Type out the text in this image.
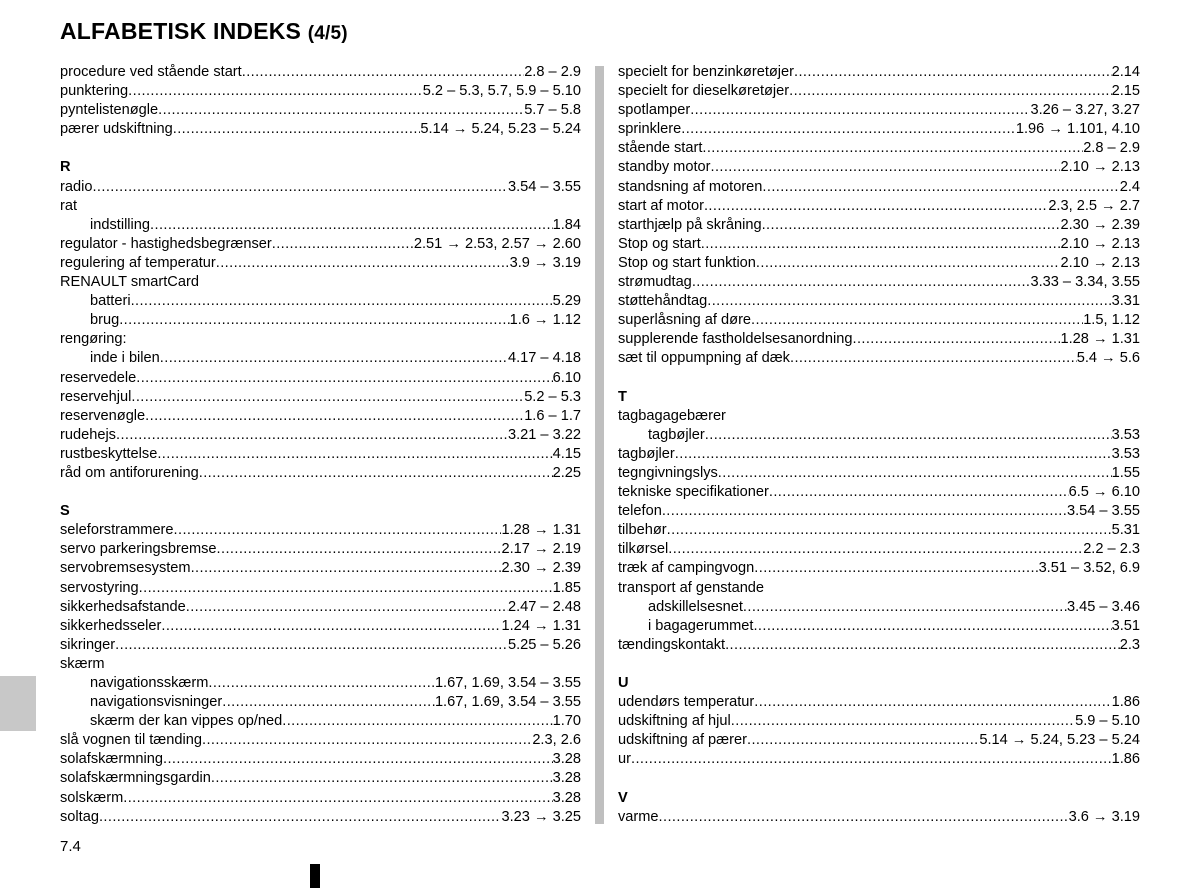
ALFABETISK INDEKS (4/5)
procedure ved stående start .....	2.8 – 2.9
punktering .....	5.2 – 5.3, 5.7, 5.9 – 5.10
pyntelistenøgle .....	5.7 – 5.8
pærer udskiftning .....	5.14 → 5.24, 5.23 – 5.24
R
radio .....	3.54 – 3.55
rat
indstilling .....	1.84
regulator - hastighedsbegrænser .....	2.51 → 2.53, 2.57 → 2.60
regulering af temperatur .....	3.9 → 3.19
RENAULT smartCard
batteri .....	5.29
brug .....	1.6 → 1.12
rengøring:
inde i bilen .....	4.17 – 4.18
reservedele .....	6.10
reservehjul .....	5.2 – 5.3
reservenøgle .....	1.6 – 1.7
rudehejs .....	3.21 – 3.22
rustbeskyttelse .....	4.15
råd om antiforurening .....	2.25
S
seleforstrammere .....	1.28 → 1.31
servo parkeringsbremse .....	2.17 → 2.19
servobremsesystem .....	2.30 → 2.39
servostyring .....	1.85
sikkerhedsafstande .....	2.47 – 2.48
sikkerhedsseler .....	1.24 → 1.31
sikringer .....	5.25 – 5.26
skærm
navigationsskærm .....	1.67, 1.69, 3.54 – 3.55
navigationsvisninger .....	1.67, 1.69, 3.54 – 3.55
skærm der kan vippes op/ned .....	1.70
slå vognen til tænding .....	2.3, 2.6
solafskærmning .....	3.28
solafskærmningsgardin .....	3.28
solskærm .....	3.28
soltag .....	3.23 → 3.25
specielt for benzinkøretøjer .....	2.14
specielt for dieselkøretøjer .....	2.15
spotlamper .....	3.26 – 3.27, 3.27
sprinklere .....	1.96 → 1.101, 4.10
stående start .....	2.8 – 2.9
standby motor .....	2.10 → 2.13
standsning af motoren .....	2.4
start af motor .....	2.3, 2.5 → 2.7
starthjælp på skråning .....	2.30 → 2.39
Stop og start .....	2.10 → 2.13
Stop og start funktion .....	2.10 → 2.13
strømudtag .....	3.33 – 3.34, 3.55
støttehåndtag .....	3.31
superlåsning af døre .....	1.5, 1.12
supplerende fastholdelsesanordning .....	1.28 → 1.31
sæt til oppumpning af dæk .....	5.4 → 5.6
T
tagbagagebærer
tagbøjler .....	3.53
tagbøjler .....	3.53
tegngivningslys .....	1.55
tekniske specifikationer .....	6.5 → 6.10
telefon .....	3.54 – 3.55
tilbehør .....	5.31
tilkørsel .....	2.2 – 2.3
træk af campingvogn .....	3.51 – 3.52, 6.9
transport af genstande
adskillelsesnet .....	3.45 – 3.46
i bagagerummet .....	3.51
tændingskontakt .....	2.3
U
udendørs temperatur .....	1.86
udskiftning af hjul .....	5.9 – 5.10
udskiftning af pærer .....	5.14 → 5.24, 5.23 – 5.24
ur .....	1.86
V
varme .....	3.6 → 3.19
7.4
